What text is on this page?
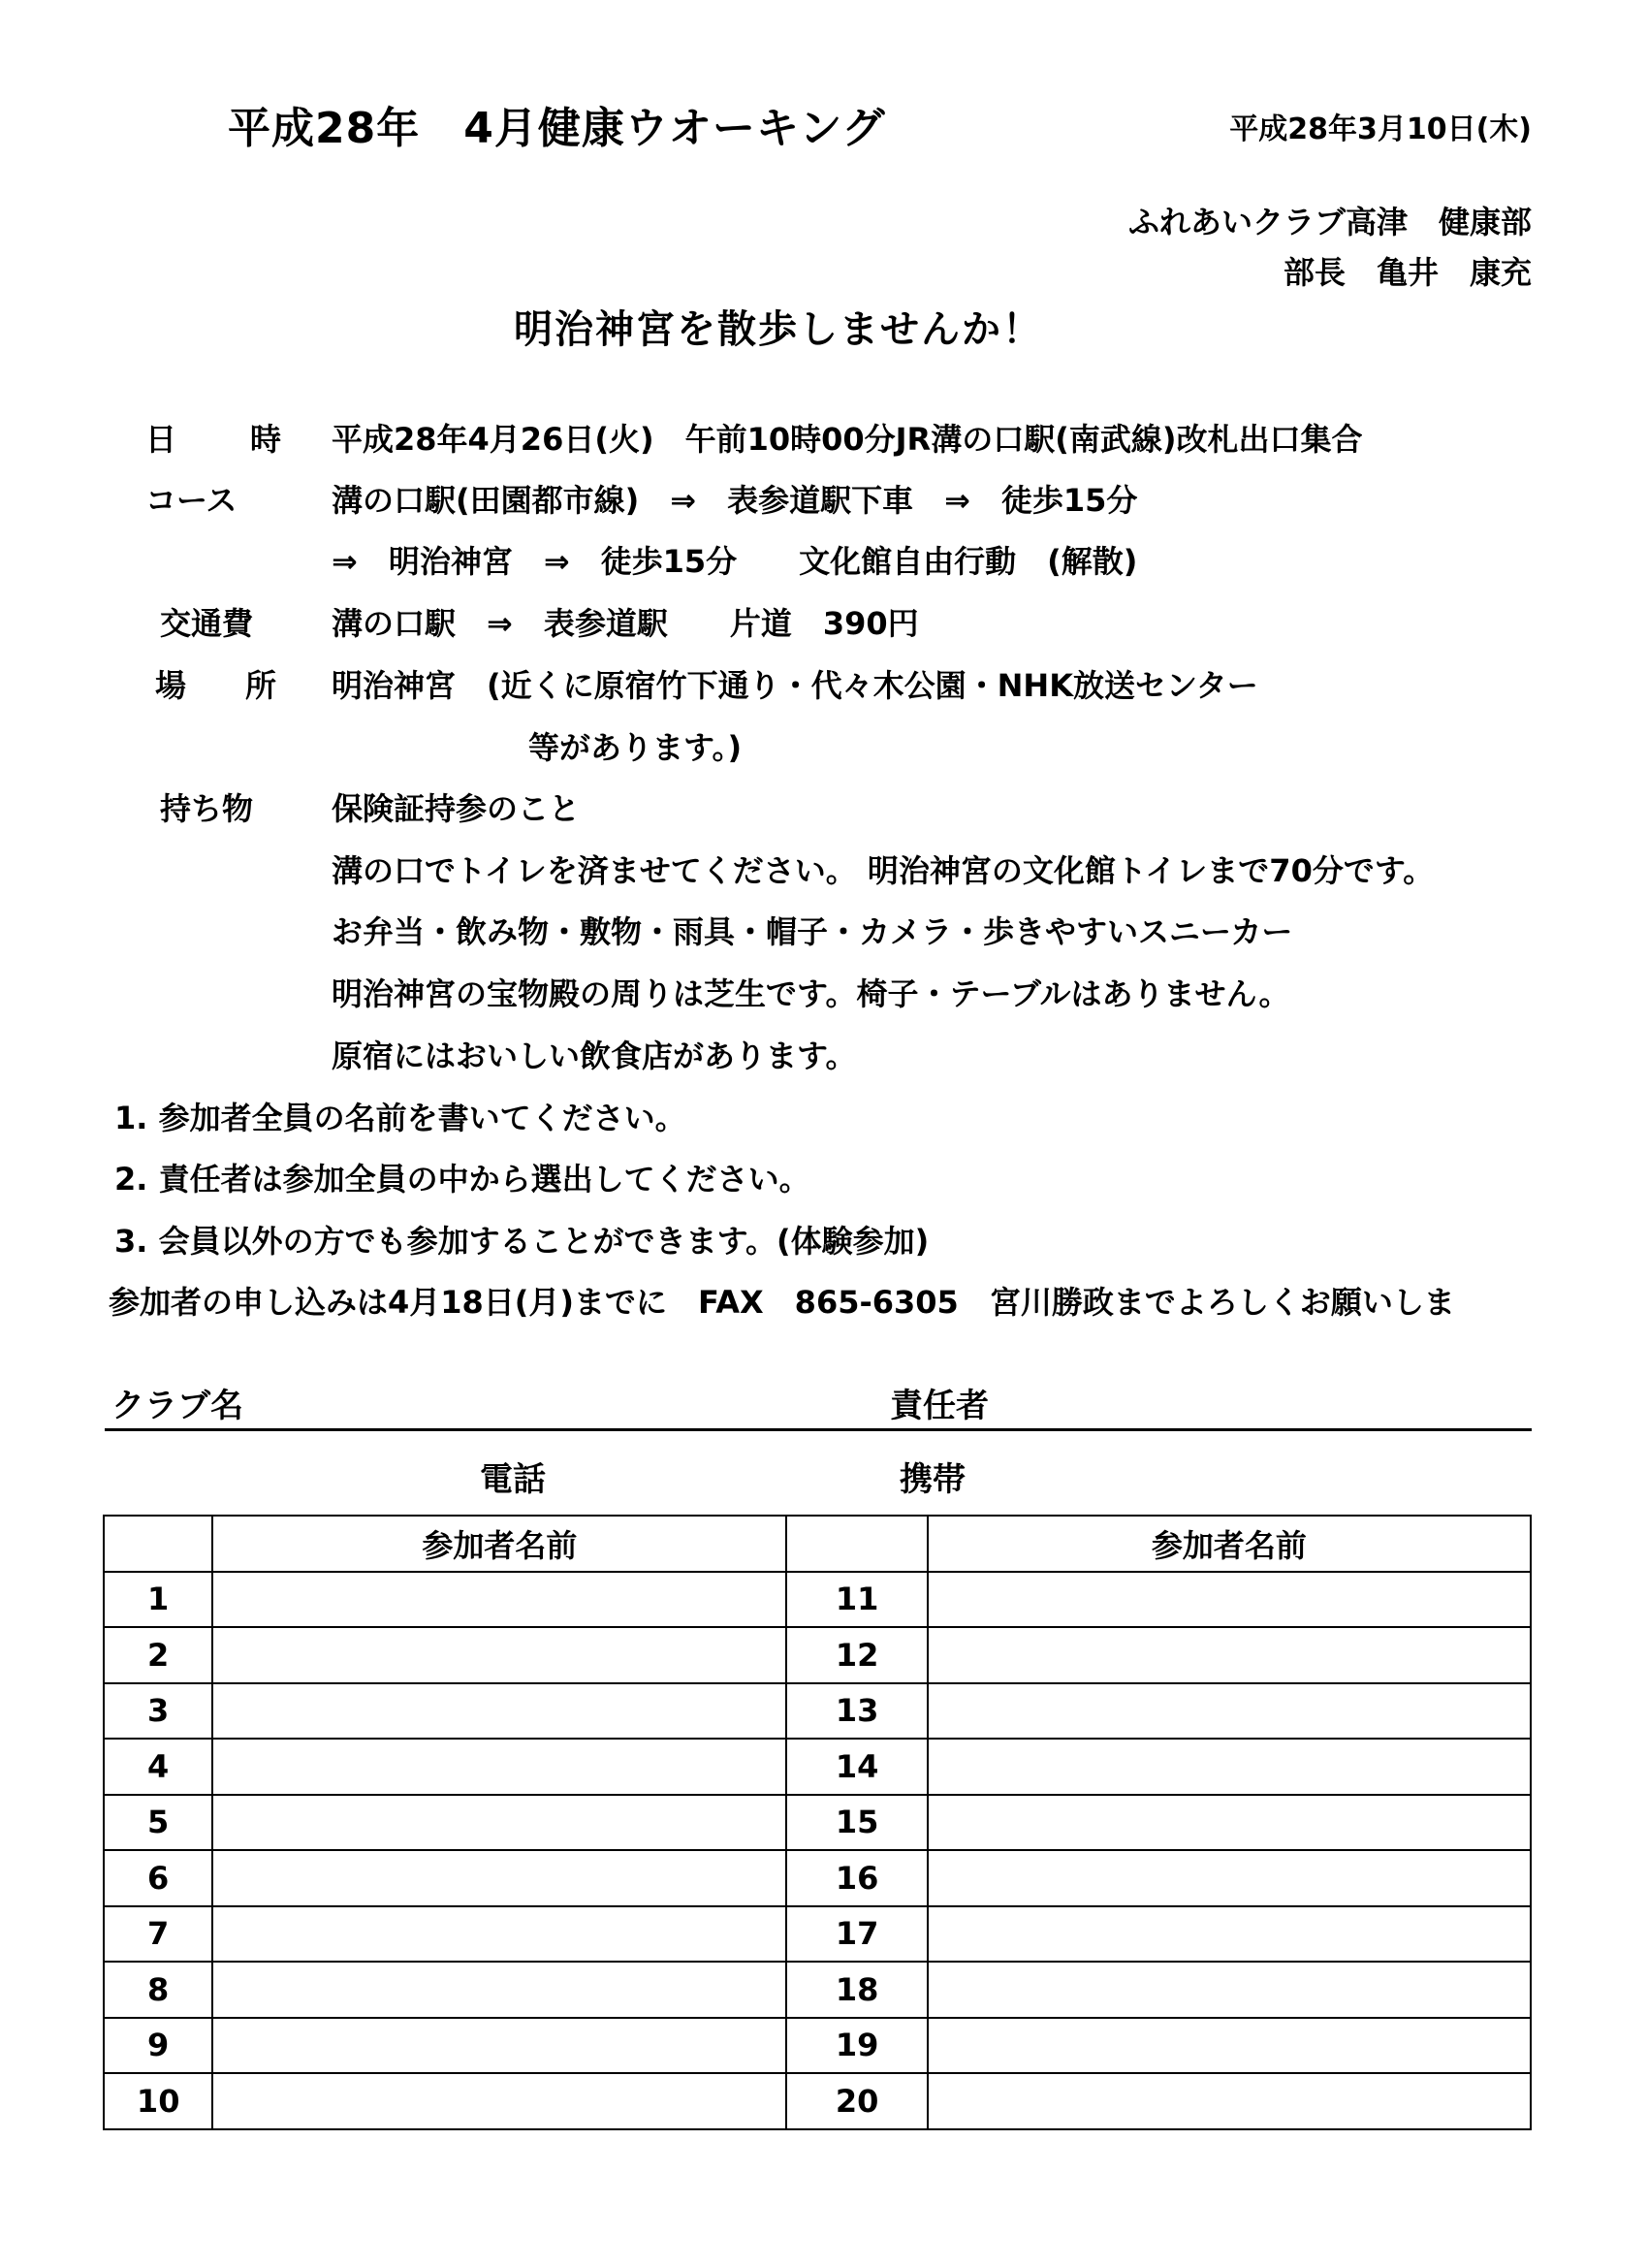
平成28年　4月健康ウオーキング	平成28年3月10日(木)
ふれあいクラブ高津　健康部
部長　亀井　康充
明治神宮を散歩しませんか！
日 時 平成28年4月26日(火)　午前10時00分JR溝の口駅(南武線)改札出口集合
コース	溝の口駅(田園都市線)　⇒　表参道駅下車　⇒　徒歩15分
⇒　明治神宮　⇒　徒歩15分　　文化館自由行動　(解散)
交通費	溝の口駅　⇒　表参道駅　　片道　390円
場 所 明治神宮　(近くに原宿竹下通り・代々木公園・NHK放送センター
等があります。)
持ち物	保険証持参のこと
溝の口でトイレを済ませてください。 明治神宮の文化館トイレまで70分です。
お弁当・飲み物・敷物・雨具・帽子・カメラ・歩きやすいスニーカー
明治神宮の宝物殿の周りは芝生です。椅子・テーブルはありません。
原宿にはおいしい飲食店があります。
1. 参加者全員の名前を書いてください。
2. 責任者は参加全員の中から選出してください。
3. 会員以外の方でも参加することができます。(体験参加)
参加者の申し込みは4月18日(月)までに　FAX　865-6305　宮川勝政までよろしくお願いしま
クラブ名	責任者
電話	携帯
	参加者名前		参加者名前
1		11	
2		12	
3		13	
4		14	
5		15	
6		16	
7		17	
8		18	
9		19	
10		20	
